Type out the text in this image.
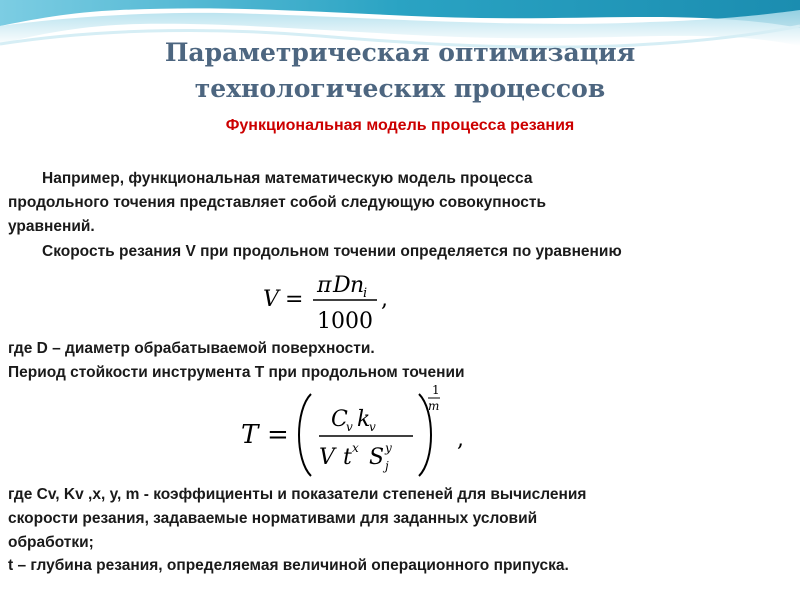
Параметрическая оптимизация
технологических процессов
Функциональная модель процесса резания
Например, функциональная математическую модель процесса
продольного точения представляет собой следующую совокупность
уравнений.
Скорость резания V при продольном точении определяется по уравнению
V =
π D n
i
1000
,
где D – диаметр обрабатываемой поверхности.
Период стойкости инструмента T при продольном точении
T =
C
v k
v
V t x S y
j
1
m
,
где Cv, Kv ,x, y, m - коэффициенты и показатели степеней для вычисления
скорости резания, задаваемые нормативами для заданных условий
обработки;
t – глубина резания, определяемая величиной операционного припуска.
